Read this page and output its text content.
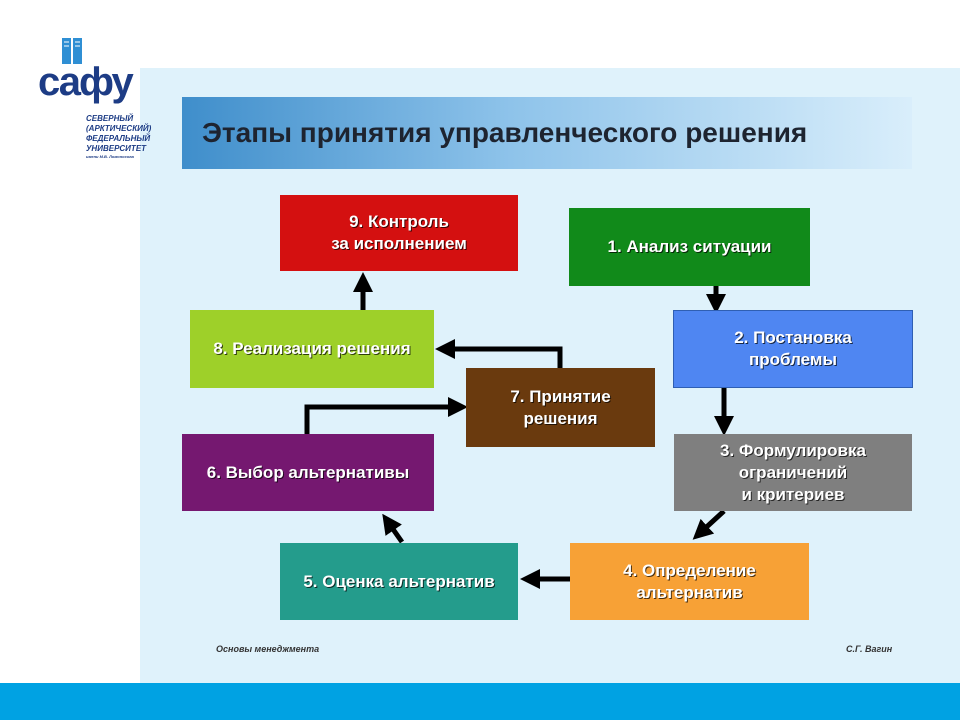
сафу
СЕВЕРНЫЙ
(АРКТИЧЕСКИЙ)
ФЕДЕРАЛЬНЫЙ
УНИВЕРСИТЕТ
имени М.В. Ломоносова
Этапы принятия управленческого решения
1. Анализ ситуации
2. Постановка
проблемы
3. Формулировка
ограничений
и критериев
4. Определение
альтернатив
5. Оценка альтернатив
6. Выбор альтернативы
7. Принятие
решения
8. Реализация решения
9. Контроль
за исполнением
Основы менеджмента	С.Г. Вагин
